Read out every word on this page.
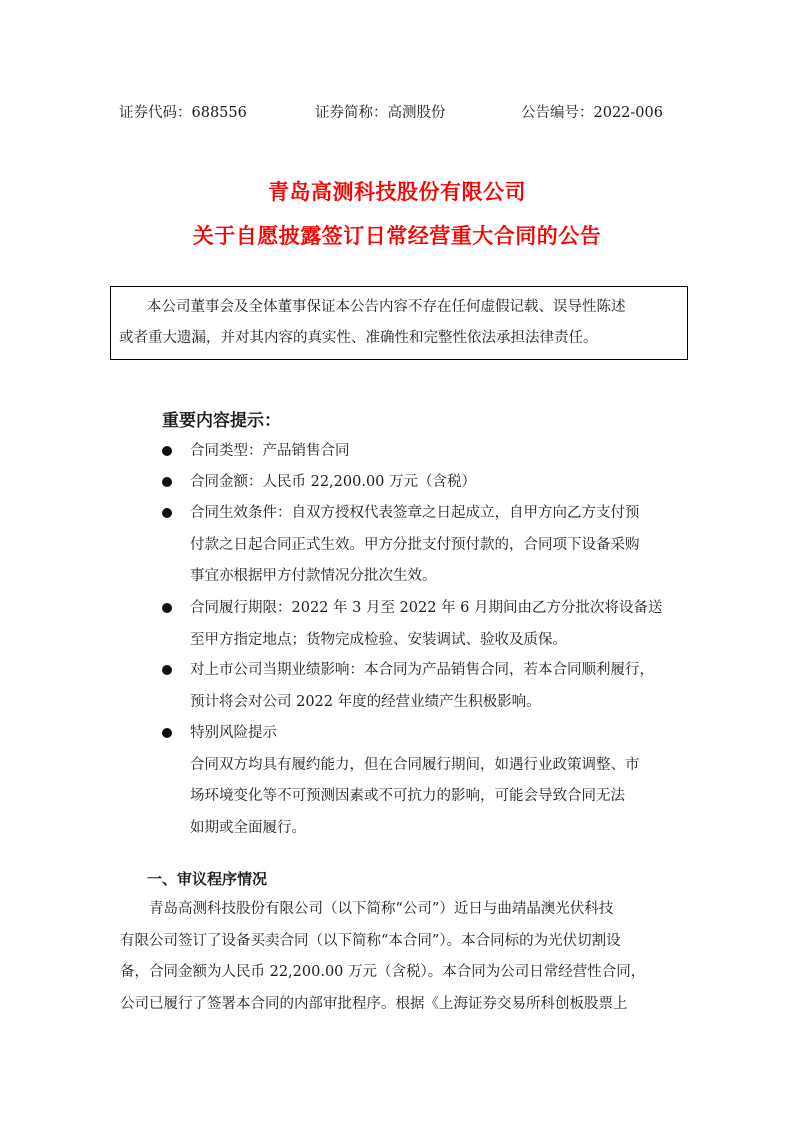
证券代码：688556	证券简称：高测股份	公告编号：2022-006
青岛高测科技股份有限公司
关于自愿披露签订日常经营重大合同的公告
本公司董事会及全体董事保证本公告内容不存在任何虚假记载、误导性陈述
或者重大遗漏，并对其内容的真实性、准确性和完整性依法承担法律责任。
重要内容提示：
合同类型：产品销售合同
合同金额：人民币 22,200.00 万元（含税）
合同生效条件：自双方授权代表签章之日起成立，自甲方向乙方支付预
付款之日起合同正式生效。甲方分批支付预付款的，合同项下设备采购
事宜亦根据甲方付款情况分批次生效。
合同履行期限：2022 年 3 月至 2022 年 6 月期间由乙方分批次将设备送
至甲方指定地点；货物完成检验、安装调试、验收及质保。
对上市公司当期业绩影响：本合同为产品销售合同，若本合同顺利履行，
预计将会对公司 2022 年度的经营业绩产生积极影响。
特别风险提示
合同双方均具有履约能力，但在合同履行期间，如遇行业政策调整、市
场环境变化等不可预测因素或不可抗力的影响，可能会导致合同无法
如期或全面履行。
一、审议程序情况
青岛高测科技股份有限公司（以下简称“公司”）近日与曲靖晶澳光伏科技
有限公司签订了设备买卖合同（以下简称“本合同”）。本合同标的为光伏切割设
备，合同金额为人民币 22,200.00 万元（含税）。本合同为公司日常经营性合同，
公司已履行了签署本合同的内部审批程序。根据《上海证券交易所科创板股票上
